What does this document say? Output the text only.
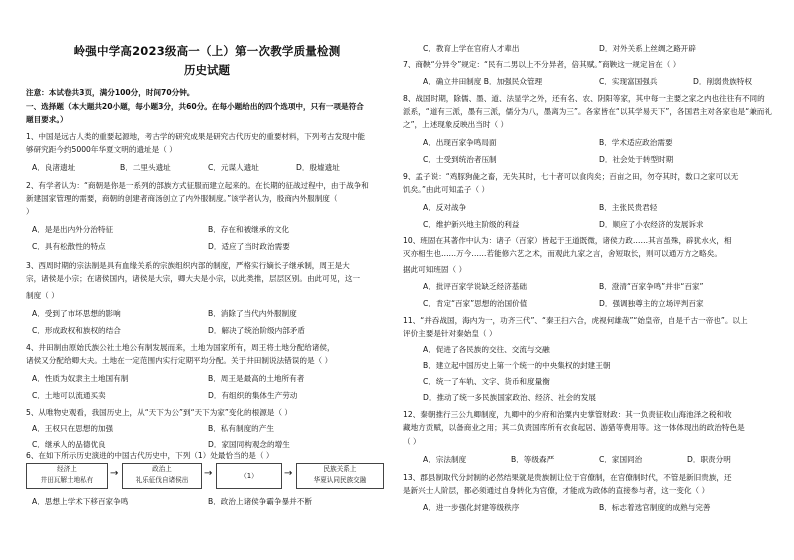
岭强中学高2023级高一（上）第一次教学质量检测
历史试题
注意：本试卷共3页，满分100分，时间70分钟。
一、选择题（本大题共20小题，每小题3分，共60分。在每小题给出的四个选项中，只有一项是符合
题目要求。）
1、中国是远古人类的重要起源地，考古学的研究成果是研究古代历史的重要材料，下列考古发现中能
够研究距今约5000年华夏文明的遗址是（ ）
A．良渚遗址	B．二里头遗址	C．元谋人遗址	D．殷墟遗址
2、有学者认为：“商朝是你是一系列的部族方式征服而建立起来的。在长期的征战过程中，由于战争和
新建国家管理的需要，商朝的创建者商汤创立了内外服制度。”该学者认为，殷商内外服制度（
）
A．是是出内外分治特征	B．存在和被继承的文化
C．具有松散性的特点	D．适应了当时政治需要
3、西周时期的宗法制是具有血缘关系的宗族组织内部的制度，严格实行嫡长子继承制，周王是大
宗，诸侯是小宗；在诸侯国内，诸侯是大宗，卿大夫是小宗，以此类推，层层区别。由此可见，这一
制度（ ）
A．受到了市坏思想的影响	B．消除了当代内外服制度
C．形成政权和族权的结合	D．解决了统治阶级内部矛盾
4、井田制由原始氏族公社土地公有制发展而来，土地为国家所有，周王将土地分配给诸侯，
诸侯又分配给卿大夫。土地在一定范围内实行定期平均分配。关于井田制说法错误的是（ ）
A．性质为奴隶主土地国有制	B．周王是最高的土地所有者
C．土地可以流通买卖	D．有组织的集体生产劳动
5、从唯物史观看，我国历史上，从“天下为公”到“天下为家”变化的根源是（ ）
A．王权只在思想的加强	B．私有制度的产生
C．继承人的品德优良	D．家国同构观念的增生
6、在如下所示历史演进的中国古代历史中，下列（1）处最恰当的是（ ）
经济上
井田瓦解土地私有
→	政治上
礼乐征伐自诸侯出
→	（1）	→	民族关系上
华夏认同民族交融
A．思想上学术下移百家争鸣	B．政治上诸侯争霸争暴并不断
C．教育上学在官府人才辈出	D．对外关系上丝绸之路开辟
7、商鞅“分异令”规定：“民有二男以上不分异者，倍其赋。”商鞅这一规定旨在（ ）
A．确立井田制度 B．加强民众管理	C．实现富国强兵	D．削弱贵族特权
8、战国时期，除儒、墨、道、法显学之外，还有名、农、阴阳等家，其中每一主要之家之内也往往有不同的
派系，“道有三派，墨有三派，儒分为八，墨离为三”。各家皆在“以其学易天下”，各国君主对各家也是“兼而礼
之”，上述现象反映出当时（ ）
A．出现百家争鸣局面	B．学术适应政治需要
C．士受到统治者压制	D．社会处于转型时期
9、孟子说：“鸡豚狗彘之畜，无失其时，七十者可以食肉矣；百亩之田，勿夺其时，数口之家可以无
饥矣。”由此可知孟子（ ）
A．反对战争	B．主张民贵君轻
C．维护新兴地主阶级的利益	D．顺应了小农经济的发展诉求
10、班固在其著作中认为：诸子（百家）皆起于王道既微，诸侯力政……其言虽殊，辟犹水火，相
灭亦相生也……万今……若能修六艺之术，而观此九家之言，舍短取长，则可以通万方之略矣。
据此可知班固（ ）
A．批评百家学说缺乏经济基础	B．澄清“百家争鸣”并非“百家”
C．肯定“百家”思想的治国价值	D．强调独尊主的立场评判百家
11、“并吞战国，海内为一，功齐三代”、“秦王扫六合，虎视何雄哉”“始皇帝，自是千古一帝也”。以上
评价主要是针对秦始皇（ ）
A．促进了各民族的交往、交流与交融
B．建立起中国历史上第一个统一的中央集权的封建王朝
C．统一了车轨、文字、货币和度量衡
D．推动了统一多民族国家政治、经济、社会的发展
12、秦朝推行三公九卿制度，九卿中的少府和治粟内史掌管财政：其一负责征收山海池泽之税和收
藏地方贡赋，以备商业之用；其二负责国库所有衣食起居、游猎等费用等。这一体体现出的政治特色是
（ ）
A．宗法制度	B．等级森严	C．家国同治	D．职责分明
13、郡县制取代分封制的必然结果就是贵族制让位于官僚制，在官僚制时代，不管是新旧贵族，还
是新兴士人阶层，都必须通过自身转化为官僚，才能成为政体的直接参与者，这一变化（ ）
A．进一步强化封建等级秩序	B．标志着选官制度的成熟与完善
